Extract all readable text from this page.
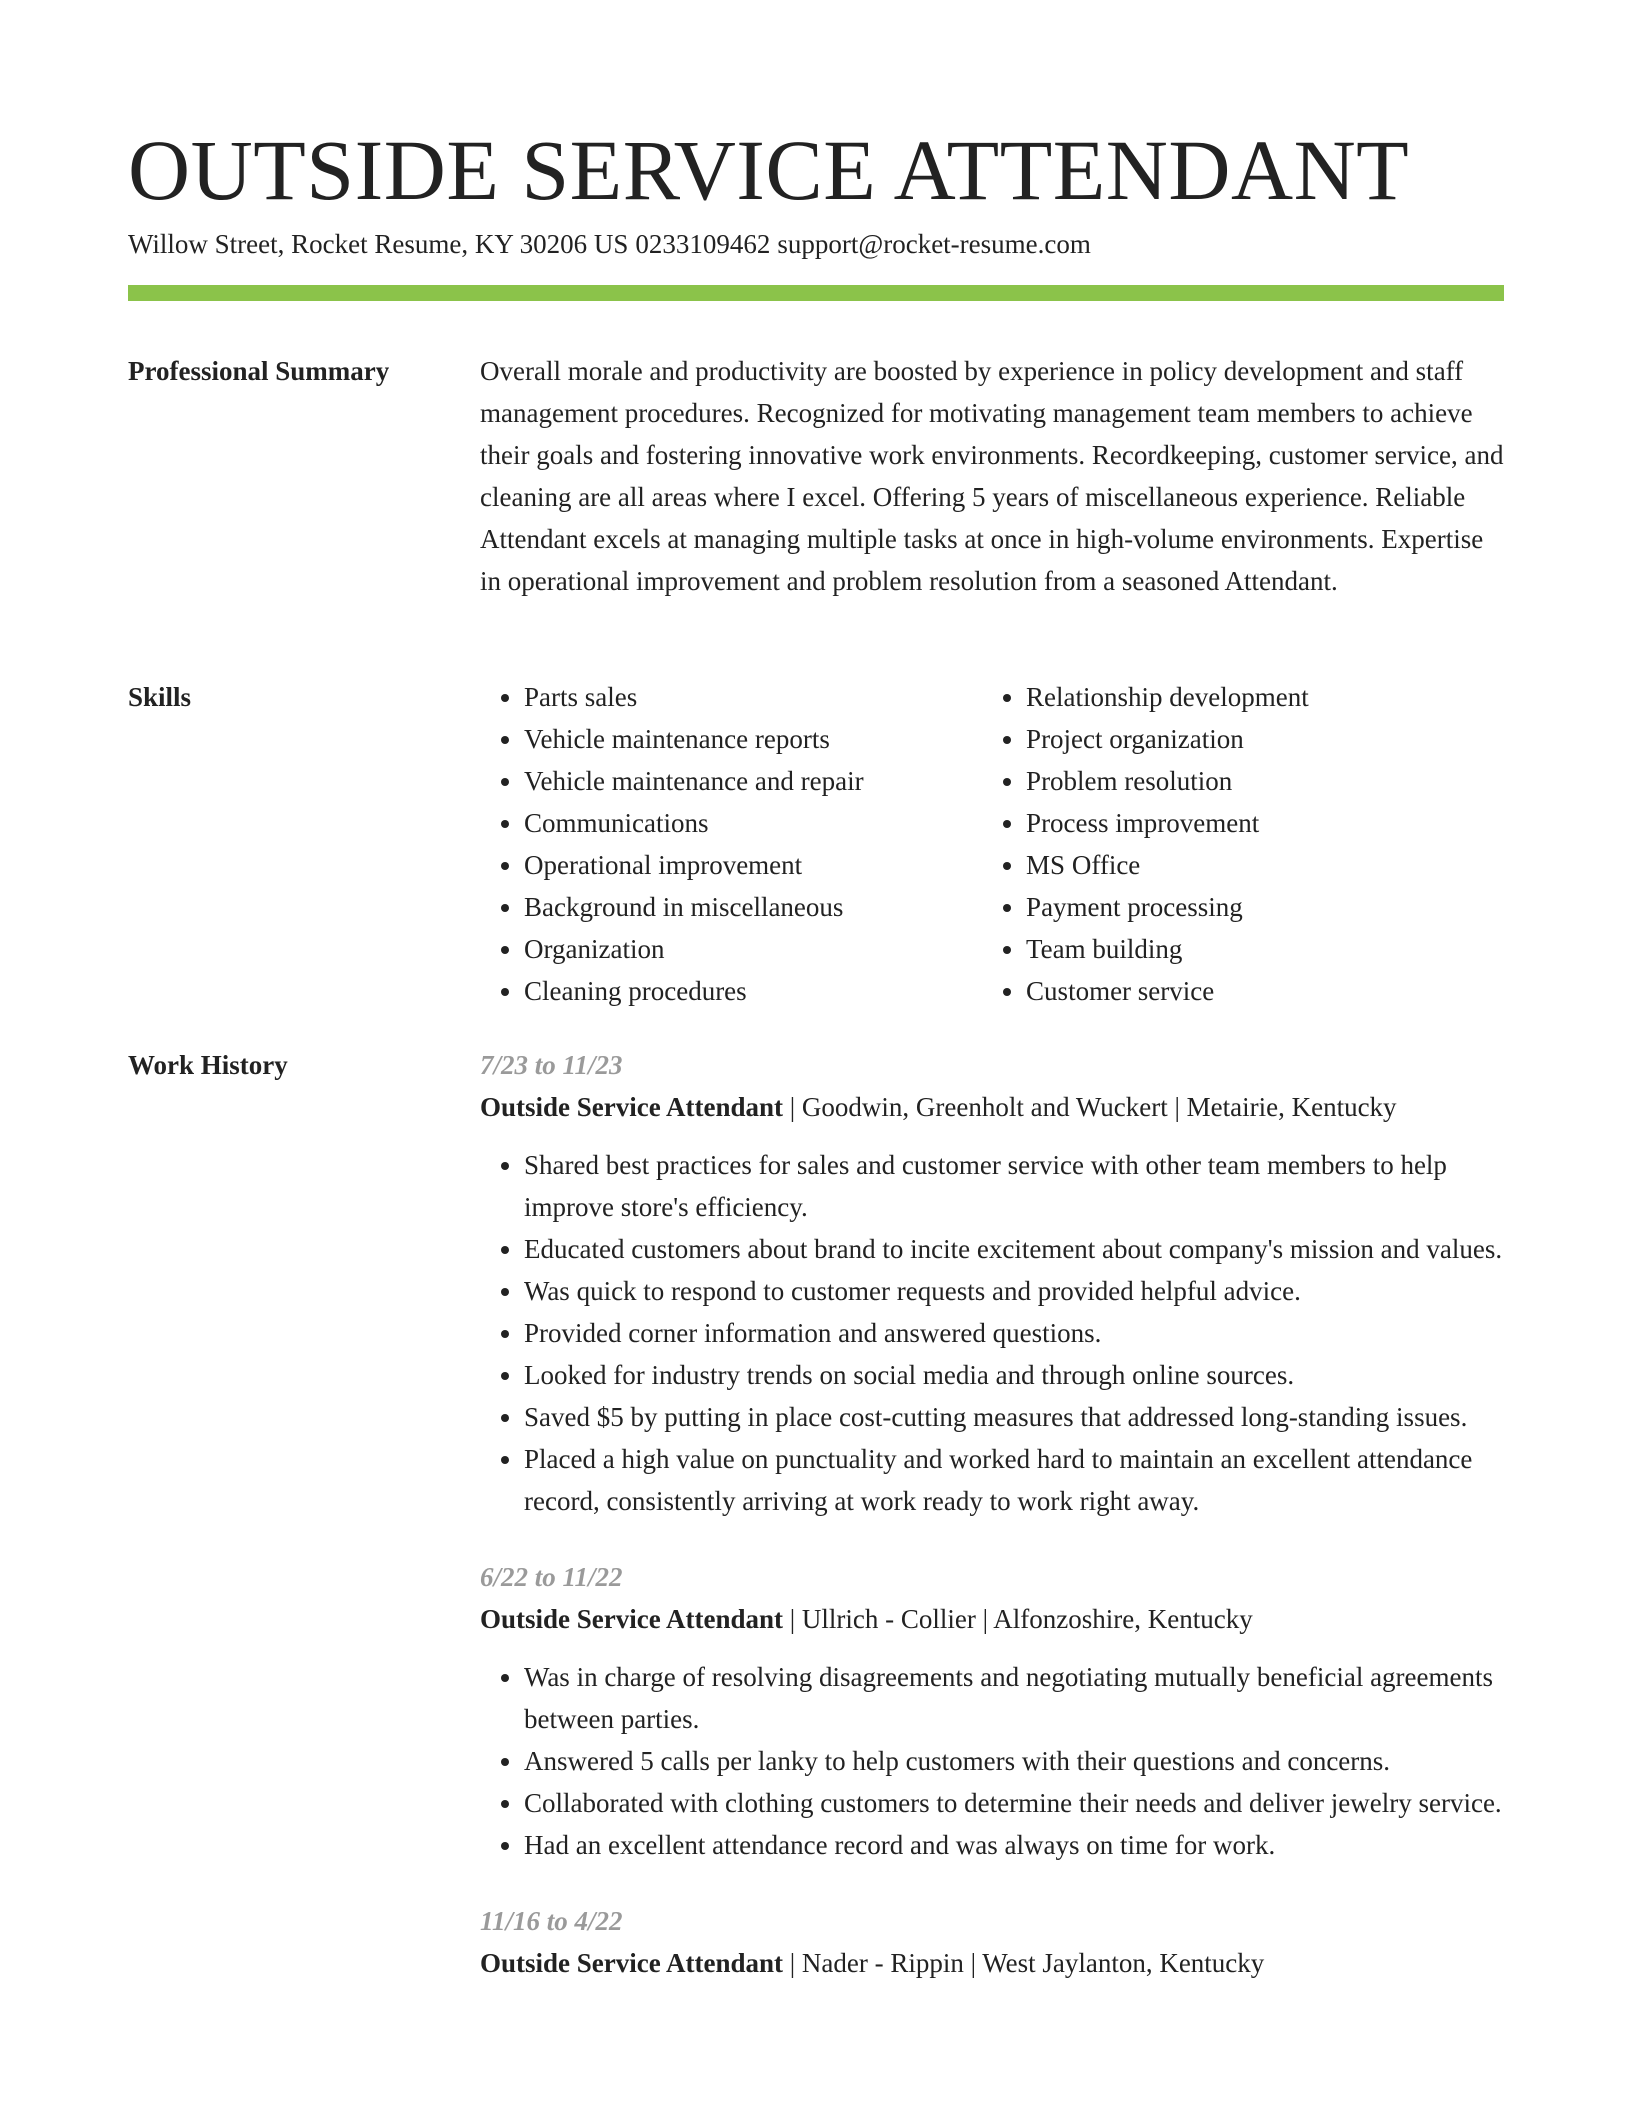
OUTSIDE SERVICE ATTENDANT
Willow Street, Rocket Resume, KY 30206 US 0233109462 support@rocket-resume.com
Professional Summary	Overall morale and productivity are boosted by experience in policy development and staff management procedures. Recognized for motivating management team members to achieve their goals and fostering innovative work environments. Recordkeeping, customer service, and cleaning are all areas where I excel. Offering 5 years of miscellaneous experience. Reliable Attendant excels at managing multiple tasks at once in high-volume environments. Expertise in operational improvement and problem resolution from a seasoned Attendant.

Skills
•	Parts sales
• Vehicle maintenance reports
• Vehicle maintenance and repair
• Communications
• Operational improvement
• Background in miscellaneous
• Organization
• Cleaning procedures
• Relationship development
• Project organization
• Problem resolution
• Process improvement
• MS Office
• Payment processing
• Team building
• Customer service
Work History	7/23 to 11/23
Outside Service Attendant | Goodwin, Greenholt and Wuckert | Metairie, Kentucky
• Shared best practices for sales and customer service with other team members to help improve store's efficiency.
• Educated customers about brand to incite excitement about company's mission and values.
• Was quick to respond to customer requests and provided helpful advice.
• Provided corner information and answered questions.
• Looked for industry trends on social media and through online sources.
• Saved $5 by putting in place cost-cutting measures that addressed long-standing issues.
• Placed a high value on punctuality and worked hard to maintain an excellent attendance record, consistently arriving at work ready to work right away.
6/22 to 11/22
Outside Service Attendant | Ullrich - Collier | Alfonzoshire, Kentucky
• Was in charge of resolving disagreements and negotiating mutually beneficial agreements between parties.
• Answered 5 calls per lanky to help customers with their questions and concerns.
• Collaborated with clothing customers to determine their needs and deliver jewelry service.
• Had an excellent attendance record and was always on time for work.
11/16 to 4/22
Outside Service Attendant | Nader - Rippin | West Jaylanton, Kentucky
